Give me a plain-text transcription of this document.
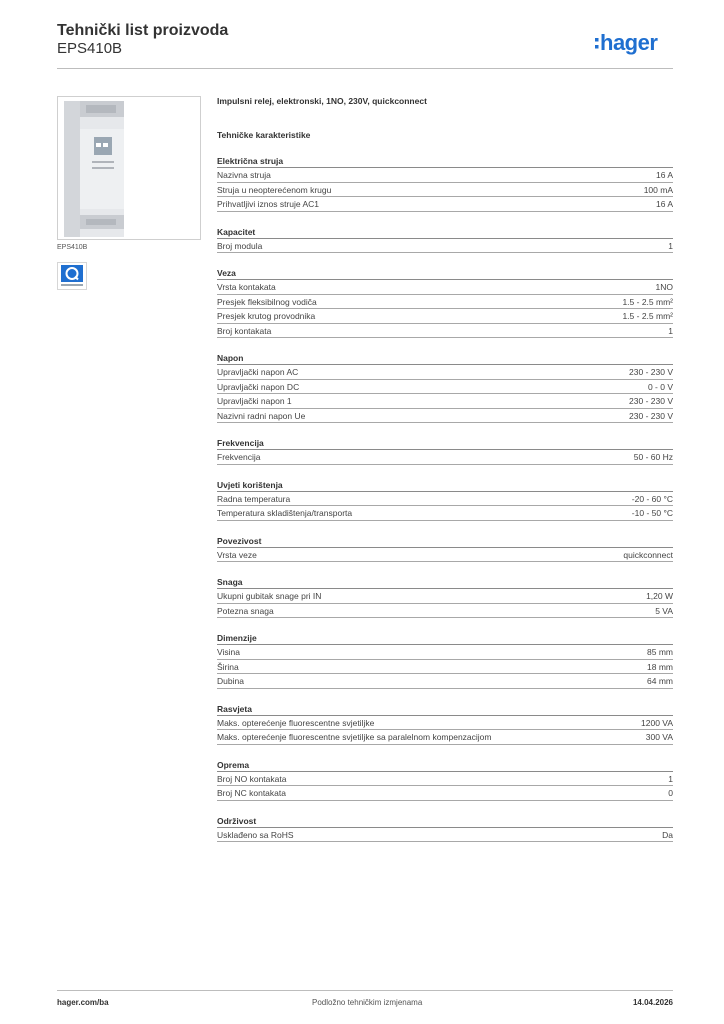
Tehnički list proizvoda
EPS410B	hager
EPS410B
Impulsni relej, elektronski, 1NO, 230V, quickconnect
Tehničke karakteristike
Električna struja
Nazivna struja	16 A
Struja u neopterećenom krugu	100 mA
Prihvatljivi iznos struje AC1	16 A
Kapacitet
Broj modula	1
Veza
Vrsta kontakata	1NO
Presjek fleksibilnog vodiča	1.5 - 2.5 mm²
Presjek krutog provodnika	1.5 - 2.5 mm²
Broj kontakata	1
Napon
Upravljački napon AC	230 - 230 V
Upravljački napon DC	0 - 0 V
Upravljački napon 1	230 - 230 V
Nazivni radni napon Ue	230 - 230 V
Frekvencija
Frekvencija	50 - 60 Hz
Uvjeti korištenja
Radna temperatura	-20 - 60 °C
Temperatura skladištenja/transporta	-10 - 50 °C
Povezivost
Vrsta veze	quickconnect
Snaga
Ukupni gubitak snage pri IN	1,20 W
Potezna snaga	5 VA
Dimenzije
Visina	85 mm
Širina	18 mm
Dubina	64 mm
Rasvjeta
Maks. opterećenje fluorescentne svjetiljke	1200 VA
Maks. opterećenje fluorescentne svjetiljke sa paralelnom kompenzacijom	300 VA
Oprema
Broj NO kontakata	1
Broj NC kontakata	0
Održivost
Usklađeno sa RoHS	Da
hager.com/ba	Podložno tehničkim izmjenama	14.04.2026
